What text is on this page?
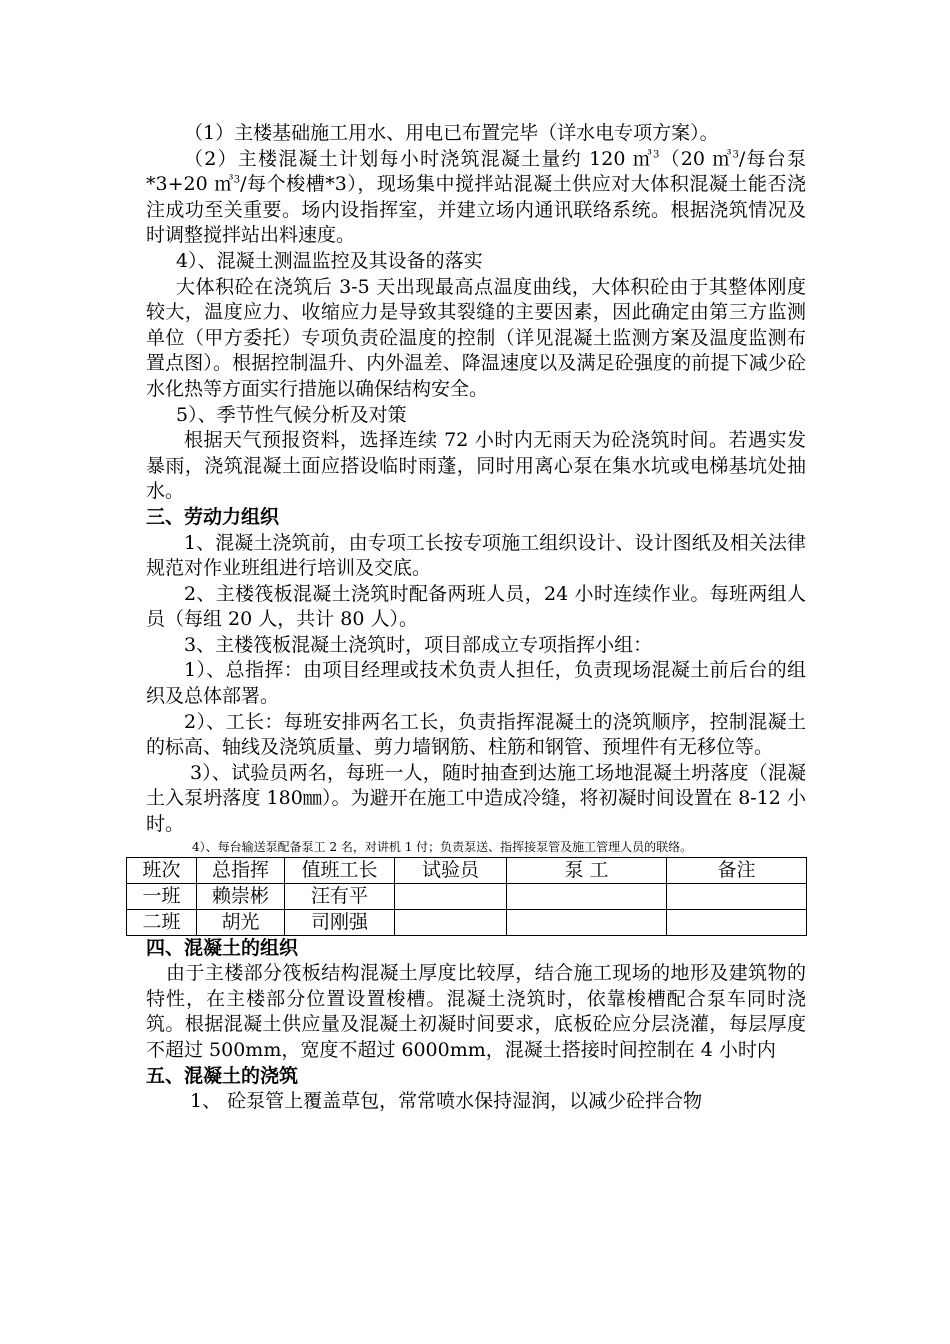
（1）主楼基础施工用水、用电已布置完毕（详水电专项方案）。

（2）主楼混凝土计划每小时浇筑混凝土量约 120 ㎥$^3$（20 ㎥$^3$/每台泵*3+20 ㎥$^3$/每个梭槽*3），现场集中搅拌站混凝土供应对大体积混凝土能否浇注成功至关重要。场内设指挥室，并建立场内通讯联络系统。根据浇筑情况及时调整搅拌站出料速度。

4）、混凝土测温监控及其设备的落实

大体积砼在浇筑后 3-5 天出现最高点温度曲线，大体积砼由于其整体刚度较大，温度应力、收缩应力是导致其裂缝的主要因素，因此确定由第三方监测单位（甲方委托）专项负责砼温度的控制（详见混凝土监测方案及温度监测布置点图）。根据控制温升、内外温差、降温速度以及满足砼强度的前提下减少砼水化热等方面实行措施以确保结构安全。

5）、季节性气候分析及对策

根据天气预报资料，选择连续 72 小时内无雨天为砼浇筑时间。若遇实发暴雨，浇筑混凝土面应搭设临时雨蓬，同时用离心泵在集水坑或电梯基坑处抽水。

三、劳动力组织

1、混凝土浇筑前，由专项工长按专项施工组织设计、设计图纸及相关法律规范对作业班组进行培训及交底。

2、主楼筏板混凝土浇筑时配备两班人员，24 小时连续作业。每班两组人员（每组 20 人，共计 80 人）。

3、主楼筏板混凝土浇筑时，项目部成立专项指挥小组：

1）、总指挥：由项目经理或技术负责人担任，负责现场混凝土前后台的组织及总体部署。

2）、工长：每班安排两名工长，负责指挥混凝土的浇筑顺序，控制混凝土的标高、轴线及浇筑质量、剪力墙钢筋、柱筋和钢管、预埋件有无移位等。

3）、试验员两名，每班一人，随时抽查到达施工场地混凝土坍落度（混凝土入泵坍落度 180㎜）。为避开在施工中造成冷缝，将初凝时间设置在 8-12 小时。

4）、每台输送泵配备泵工 2 名，对讲机 1 付；负责泵送、指挥接泵管及施工管理人员的联络。

班次	总指挥	值班工长	试验员	泵 工	备注
一班	赖崇彬	汪有平			
二班	胡光	司刚强			

四、混凝土的组织

由于主楼部分筏板结构混凝土厚度比较厚，结合施工现场的地形及建筑物的特性，在主楼部分位置设置梭槽。混凝土浇筑时，依靠梭槽配合泵车同时浇筑。根据混凝土供应量及混凝土初凝时间要求，底板砼应分层浇灌，每层厚度不超过 500mm，宽度不超过 6000mm，混凝土搭接时间控制在 4 小时内

五、混凝土的浇筑

1、 砼泵管上覆盖草包，常常喷水保持湿润，以减少砼拌合物
